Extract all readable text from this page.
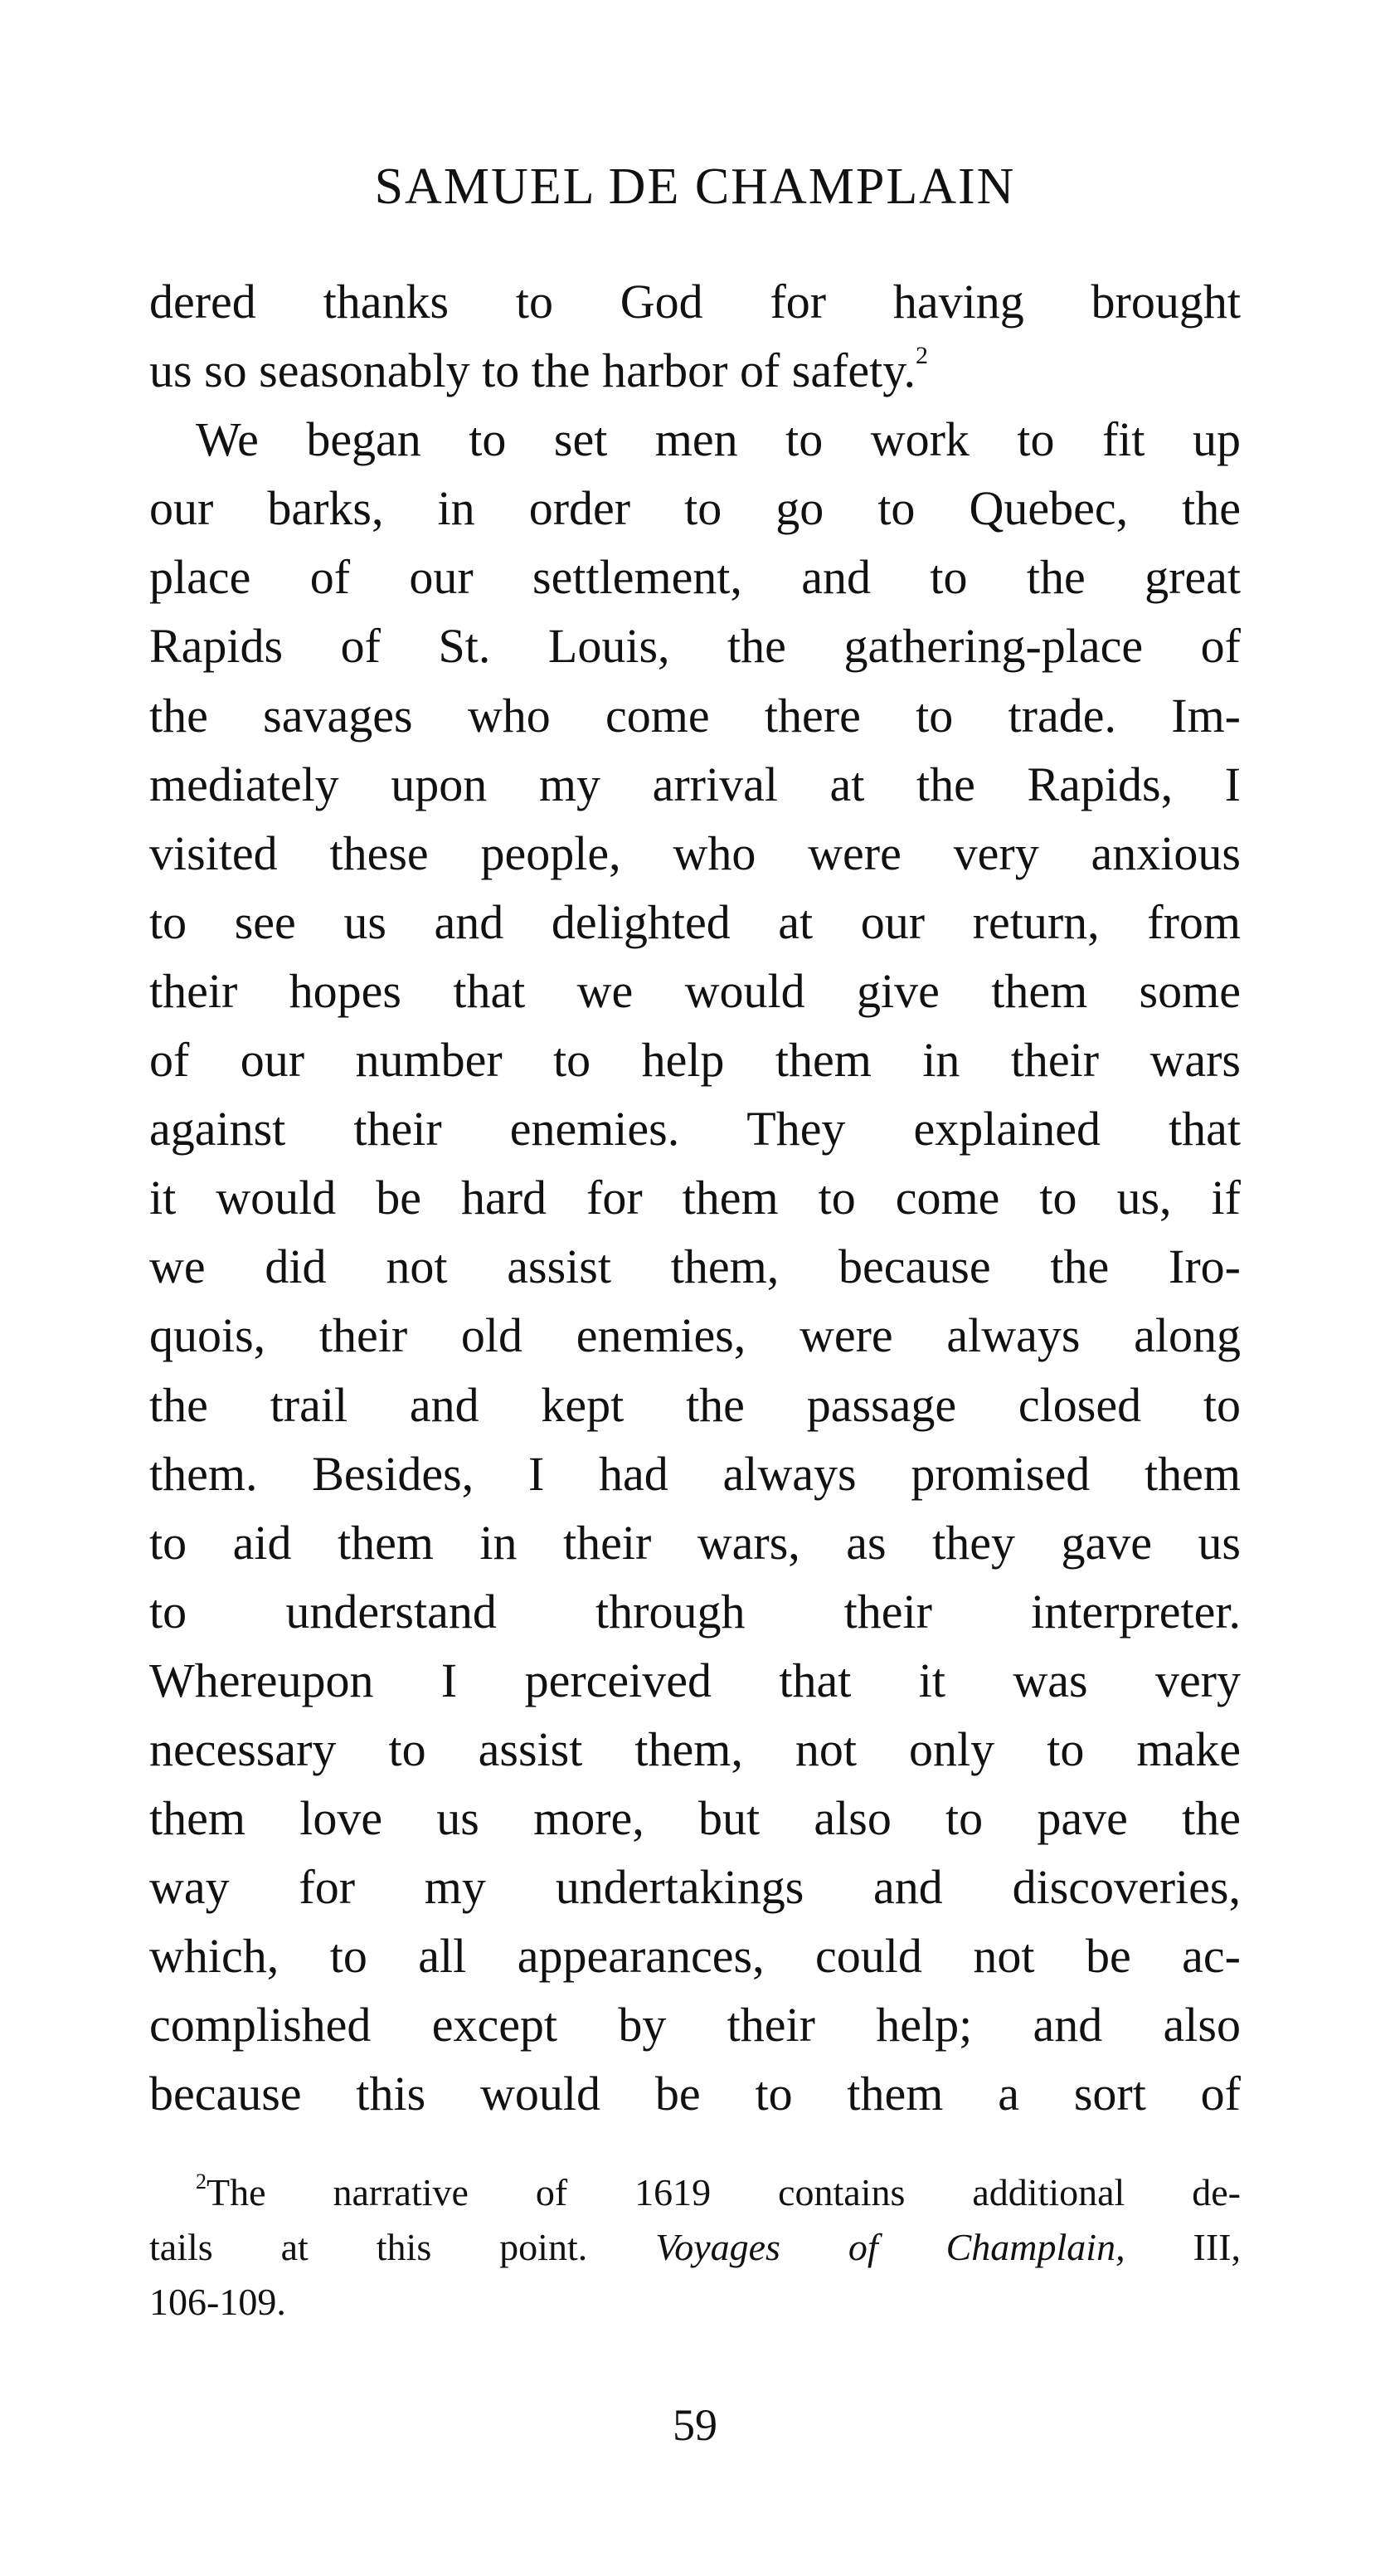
SAMUEL DE CHAMPLAIN
dered thanks to God for having brought
us so seasonably to the harbor of safety.$^2$
We began to set men to work to fit up
our barks, in order to go to Quebec, the
place of our settlement, and to the great
Rapids of St. Louis, the gathering-place of
the savages who come there to trade. Im-
mediately upon my arrival at the Rapids, I
visited these people, who were very anxious
to see us and delighted at our return, from
their hopes that we would give them some
of our number to help them in their wars
against their enemies. They explained that
it would be hard for them to come to us, if
we did not assist them, because the Iro-
quois, their old enemies, were always along
the trail and kept the passage closed to
them. Besides, I had always promised them
to aid them in their wars, as they gave us
to understand through their interpreter.
Whereupon I perceived that it was very
necessary to assist them, not only to make
them love us more, but also to pave the
way for my undertakings and discoveries,
which, to all appearances, could not be ac-
complished except by their help; and also
because this would be to them a sort of
$^2$The narrative of 1619 contains additional de-
tails at this point. Voyages of Champlain, III,
106-109.
59
